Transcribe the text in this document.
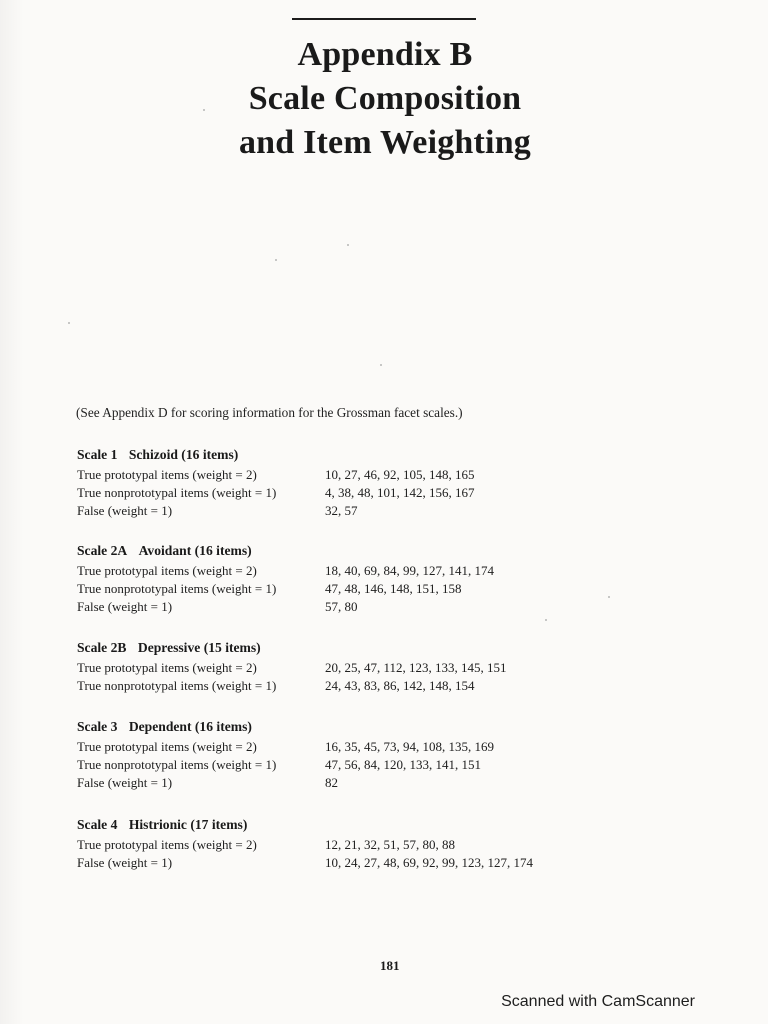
Appendix B
Scale Composition
and Item Weighting
(See Appendix D for scoring information for the Grossman facet scales.)
Scale 1 Schizoid (16 items)
True prototypal items (weight = 2)	10, 27, 46, 92, 105, 148, 165
True nonprototypal items (weight = 1)	4, 38, 48, 101, 142, 156, 167
False (weight = 1)	32, 57
Scale 2A Avoidant (16 items)
True prototypal items (weight = 2)	18, 40, 69, 84, 99, 127, 141, 174
True nonprototypal items (weight = 1)	47, 48, 146, 148, 151, 158
False (weight = 1)	57, 80
Scale 2B Depressive (15 items)
True prototypal items (weight = 2)	20, 25, 47, 112, 123, 133, 145, 151
True nonprototypal items (weight = 1)	24, 43, 83, 86, 142, 148, 154
Scale 3 Dependent (16 items)
True prototypal items (weight = 2)	16, 35, 45, 73, 94, 108, 135, 169
True nonprototypal items (weight = 1)	47, 56, 84, 120, 133, 141, 151
False (weight = 1)	82
Scale 4 Histrionic (17 items)
True prototypal items (weight = 2)	12, 21, 32, 51, 57, 80, 88
False (weight = 1)	10, 24, 27, 48, 69, 92, 99, 123, 127, 174
181
Scanned with CamScanner
